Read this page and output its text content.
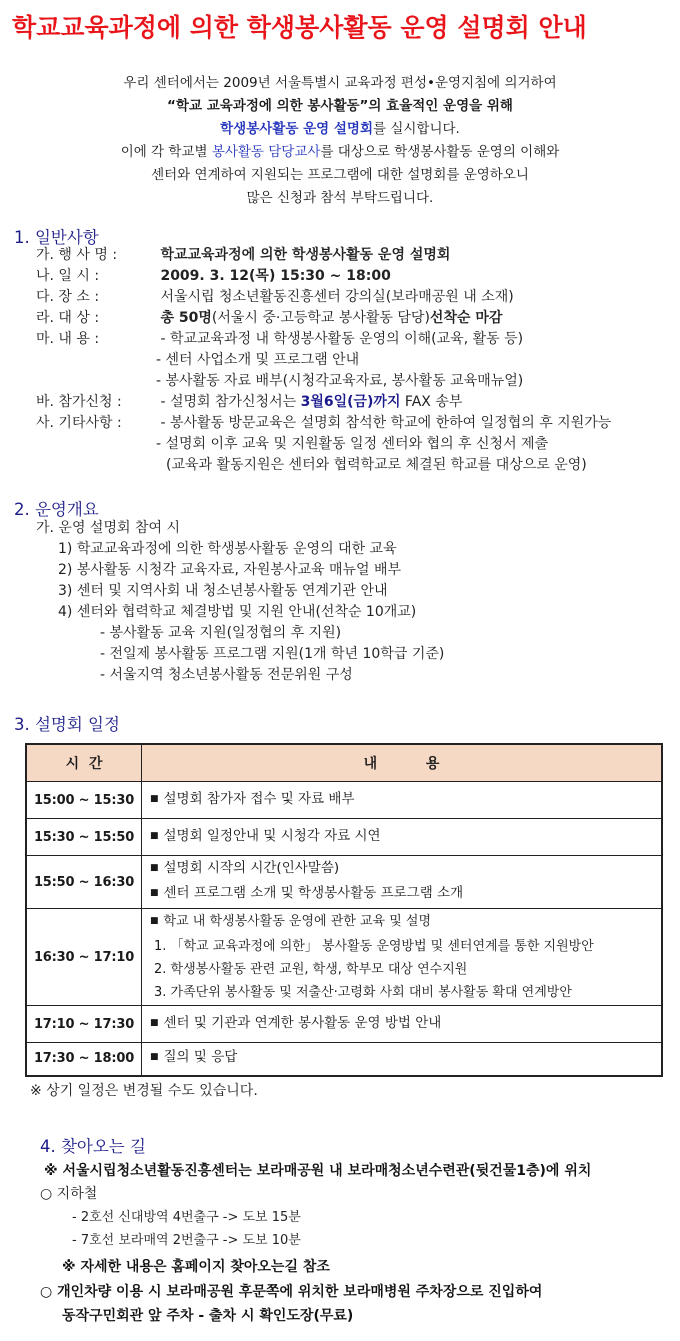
학교교육과정에 의한 학생봉사활동 운영 설명회 안내
우리 센터에서는 2009년 서울특별시 교육과정 편성•운영지침에 의거하여
“학교 교육과정에 의한 봉사활동”의 효율적인 운영을 위해
학생봉사활동 운영 설명회를 실시합니다.
이에 각 학교별 봉사활동 담당교사를 대상으로 학생봉사활동 운영의 이해와
센터와 연계하여 지원되는 프로그램에 대한 설명회를 운영하오니
많은 신청과 참석 부탁드립니다.
1. 일반사항
가. 행 사 명 :	학교교육과정에 의한 학생봉사활동 운영 설명회
나. 일 시 :	2009. 3. 12(목) 15:30 ~ 18:00
다. 장 소 :	서울시립 청소년활동진흥센터 강의실(보라매공원 내 소재)
라. 대 상 :	총 50명(서울시 중·고등학교 봉사활동 담당)선착순 마감
마. 내 용 :	- 학교교육과정 내 학생봉사활동 운영의 이해(교육, 활동 등)
- 센터 사업소개 및 프로그램 안내
- 봉사활동 자료 배부(시청각교육자료, 봉사활동 교육매뉴얼)
바. 참가신청 :	- 설명회 참가신청서는 3월6일(금)까지 FAX 송부
사. 기타사항 :	- 봉사활동 방문교육은 설명회 참석한 학교에 한하여 일정협의 후 지원가능
- 설명회 이후 교육 및 지원활동 일정 센터와 협의 후 신청서 제출
(교육과 활동지원은 센터와 협력학교로 체결된 학교를 대상으로 운영)
2. 운영개요
가. 운영 설명회 참여 시
1) 학교교육과정에 의한 학생봉사활동 운영의 대한 교육
2) 봉사활동 시청각 교육자료, 자원봉사교육 매뉴얼 배부
3) 센터 및 지역사회 내 청소년봉사활동 연계기관 안내
4) 센터와 협력학교 체결방법 및 지원 안내(선착순 10개교)
- 봉사활동 교육 지원(일정협의 후 지원)
- 전일제 봉사활동 프로그램 지원(1개 학년 10학급 기준)
- 서울지역 청소년봉사활동 전문위원 구성
3. 설명회 일정
시  간	내          용
15:00 ~ 15:30	■ 설명회 참가자 접수 및 자료 배부
15:30 ~ 15:50	■ 설명회 일정안내 및 시청각 자료 시연
15:50 ~ 16:30	■ 설명회 시작의 시간(인사말씀)
■ 센터 프로그램 소개 및 학생봉사활동 프로그램 소개

16:30 ~ 17:10	■ 학교 내 학생봉사활동 운영에 관한 교육 및 설명
1. 「학교 교육과정에 의한」 봉사활동 운영방법 및 센터연계를 통한 지원방안
2. 학생봉사활동 관련 교원, 학생, 학부모 대상 연수지원
3. 가족단위 봉사활동 및 저출산·고령화 사회 대비 봉사활동 확대 연계방안

17:10 ~ 17:30	■ 센터 및 기관과 연계한 봉사활동 운영 방법 안내
17:30 ~ 18:00	■ 질의 및 응답
※ 상기 일정은 변경될 수도 있습니다.
4. 찾아오는 길
※ 서울시립청소년활동진흥센터는 보라매공원 내 보라매청소년수련관(뒷건물1층)에 위치
○ 지하철
- 2호선 신대방역 4번출구 -> 도보 15분
- 7호선 보라매역 2번출구 -> 도보 10분
※ 자세한 내용은 홈페이지 찾아오는길 참조
○ 개인차량 이용 시 보라매공원 후문쪽에 위치한 보라매병원 주차장으로 진입하여
동작구민회관 앞 주차 - 출차 시 확인도장(무료)
